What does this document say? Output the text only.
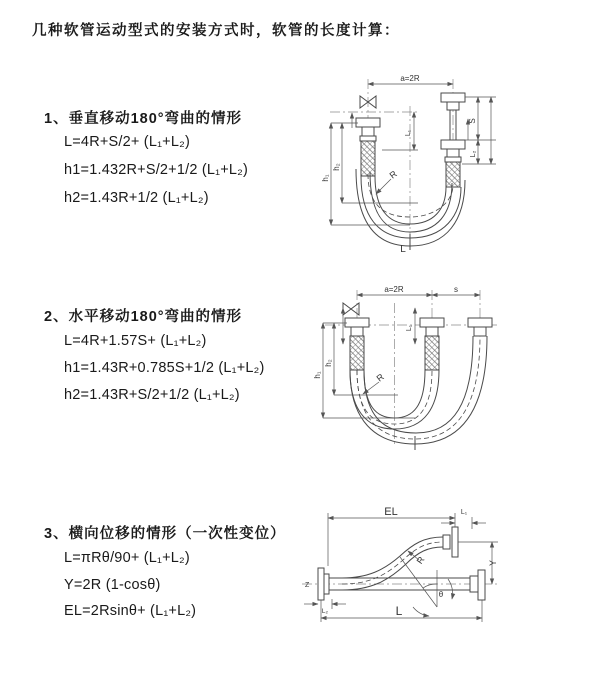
几种软管运动型式的安装方式时，软管的长度计算：
1、垂直移动180°弯曲的情形
L=4R+S/2+ (L₁+L₂)
h1=1.432R+S/2+1/2 (L₁+L₂)
h2=1.43R+1/2 (L₁+L₂)
2、水平移动180°弯曲的情形
L=4R+1.57S+ (L₁+L₂)
h1=1.43R+0.785S+1/2 (L₁+L₂)
h2=1.43R+S/2+1/2 (L₁+L₂)
3、横向位移的情形（一次性变位）
L=πRθ/90+ (L₁+L₂)
Y=2R (1-cosθ)
EL=2Rsinθ+ (L₁+L₂)
a=2R
L
h₁
h₂
S
L₂
L₁
R
a=2R	s
h₁
h₂
L₁
R
Z
EL	L₁
Y
L
L₂
R
θ
